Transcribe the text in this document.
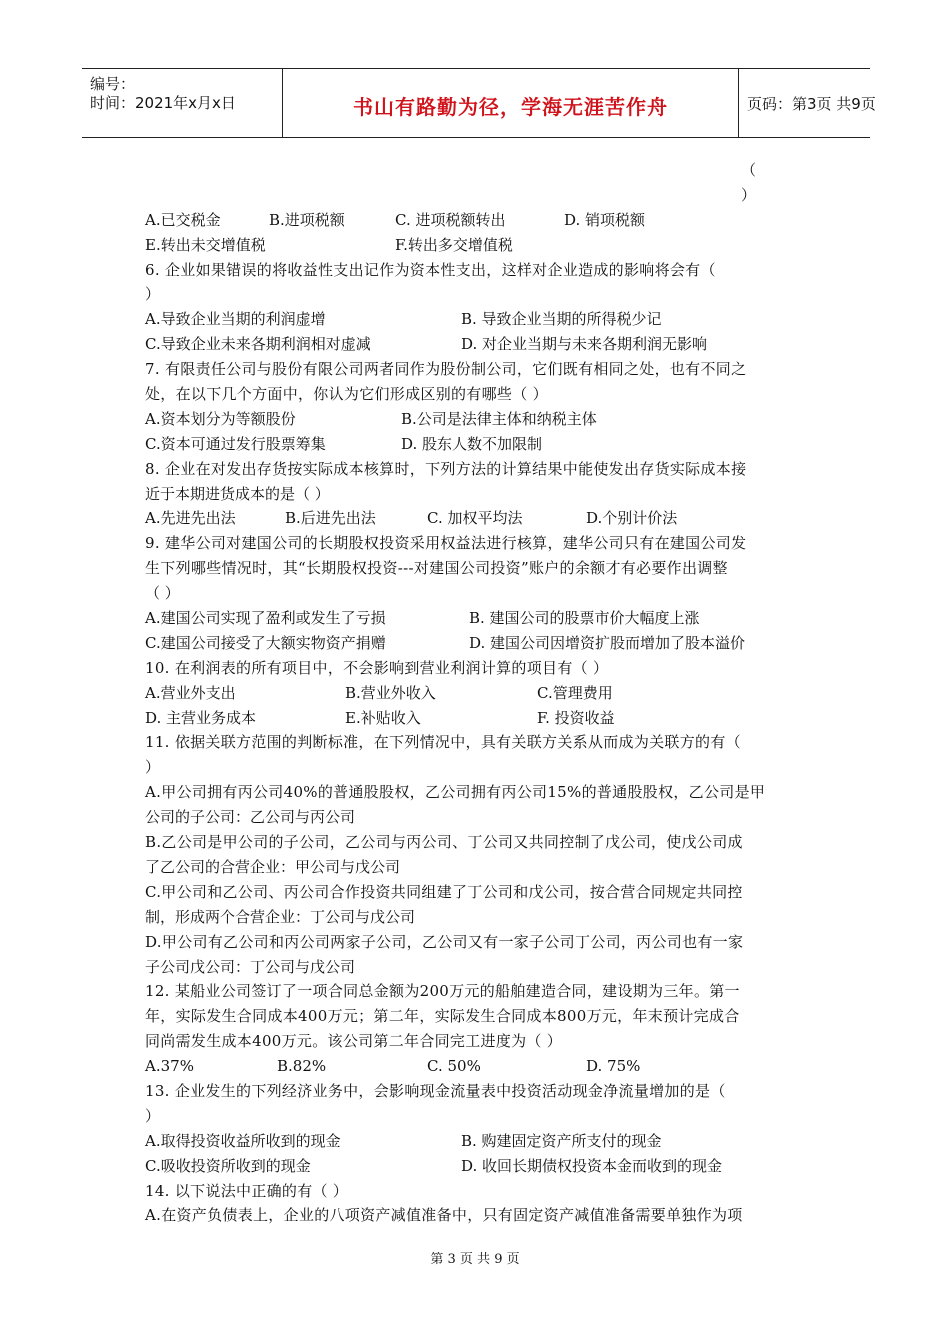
编号：
时间：2021年x月x日	书山有路勤为径，学海无涯苦作舟	页码：第3页 共9页
（
）
A.已交税金	B.进项税额	C. 进项税额转出	D. 销项税额
E.转出未交增值税	F.转出多交增值税
6. 企业如果错误的将收益性支出记作为资本性支出，这样对企业造成的影响将会有（
）
A.导致企业当期的利润虚增	B. 导致企业当期的所得税少记
C.导致企业未来各期利润相对虚减	D. 对企业当期与未来各期利润无影响
7. 有限责任公司与股份有限公司两者同作为股份制公司，它们既有相同之处，也有不同之
处，在以下几个方面中，你认为它们形成区别的有哪些（ ）
A.资本划分为等额股份	B.公司是法律主体和纳税主体
C.资本可通过发行股票筹集	D. 股东人数不加限制
8. 企业在对发出存货按实际成本核算时，下列方法的计算结果中能使发出存货实际成本接
近于本期进货成本的是（ ）
A.先进先出法	B.后进先出法	C. 加权平均法	D.个别计价法
9. 建华公司对建国公司的长期股权投资采用权益法进行核算，建华公司只有在建国公司发
生下列哪些情况时，其“长期股权投资---对建国公司投资”账户的余额才有必要作出调整
（ ）
A.建国公司实现了盈利或发生了亏损	B. 建国公司的股票市价大幅度上涨
C.建国公司接受了大额实物资产捐赠	D. 建国公司因增资扩股而增加了股本溢价
10. 在利润表的所有项目中，不会影响到营业利润计算的项目有（ ）
A.营业外支出	B.营业外收入	C.管理费用
D. 主营业务成本	E.补贴收入	F. 投资收益
11. 依据关联方范围的判断标准，在下列情况中，具有关联方关系从而成为关联方的有（
）
A.甲公司拥有丙公司40%的普通股股权，乙公司拥有丙公司15%的普通股股权，乙公司是甲
公司的子公司：乙公司与丙公司
B.乙公司是甲公司的子公司，乙公司与丙公司、丁公司又共同控制了戊公司，使戊公司成
了乙公司的合营企业：甲公司与戊公司
C.甲公司和乙公司、丙公司合作投资共同组建了丁公司和戊公司，按合营合同规定共同控
制，形成两个合营企业：丁公司与戊公司
D.甲公司有乙公司和丙公司两家子公司，乙公司又有一家子公司丁公司，丙公司也有一家
子公司戊公司：丁公司与戊公司
12. 某船业公司签订了一项合同总金额为200万元的船舶建造合同，建设期为三年。第一
年，实际发生合同成本400万元；第二年，实际发生合同成本800万元，年末预计完成合
同尚需发生成本400万元。该公司第二年合同完工进度为（ ）
A.37%	B.82%	C. 50%	D. 75%
13. 企业发生的下列经济业务中，会影响现金流量表中投资活动现金净流量增加的是（
）
A.取得投资收益所收到的现金	B. 购建固定资产所支付的现金
C.吸收投资所收到的现金	D. 收回长期债权投资本金而收到的现金
14. 以下说法中正确的有（ ）
A.在资产负债表上，企业的八项资产减值准备中，只有固定资产减值准备需要单独作为项
第 3 页 共 9 页
